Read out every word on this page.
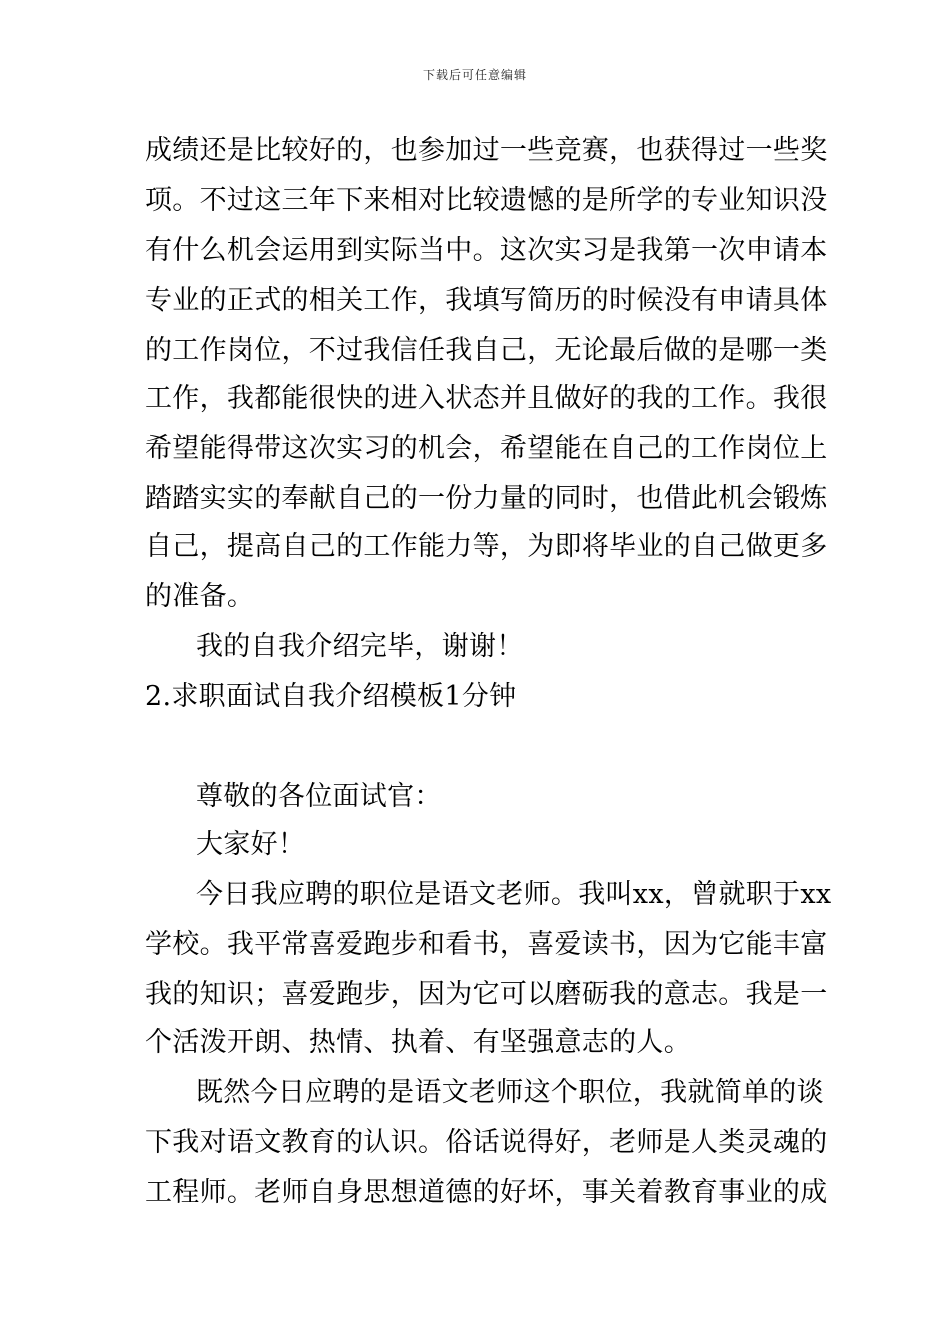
下载后可任意编辑
成绩还是比较好的，也参加过一些竞赛，也获得过一些奖
项。不过这三年下来相对比较遗憾的是所学的专业知识没
有什么机会运用到实际当中。这次实习是我第一次申请本
专业的正式的相关工作，我填写简历的时候没有申请具体
的工作岗位，不过我信任我自己，无论最后做的是哪一类
工作，我都能很快的进入状态并且做好的我的工作。我很
希望能得带这次实习的机会，希望能在自己的工作岗位上
踏踏实实的奉献自己的一份力量的同时，也借此机会锻炼
自己，提高自己的工作能力等，为即将毕业的自己做更多
的准备。
我的自我介绍完毕，谢谢！
2.求职面试自我介绍模板1分钟
尊敬的各位面试官：
大家好！
今日我应聘的职位是语文老师。我叫xx，曾就职于xx
学校。我平常喜爱跑步和看书，喜爱读书，因为它能丰富
我的知识；喜爱跑步，因为它可以磨砺我的意志。我是一
个活泼开朗、热情、执着、有坚强意志的人。
既然今日应聘的是语文老师这个职位，我就简单的谈
下我对语文教育的认识。俗话说得好，老师是人类灵魂的
工程师。老师自身思想道德的好坏，事关着教育事业的成
